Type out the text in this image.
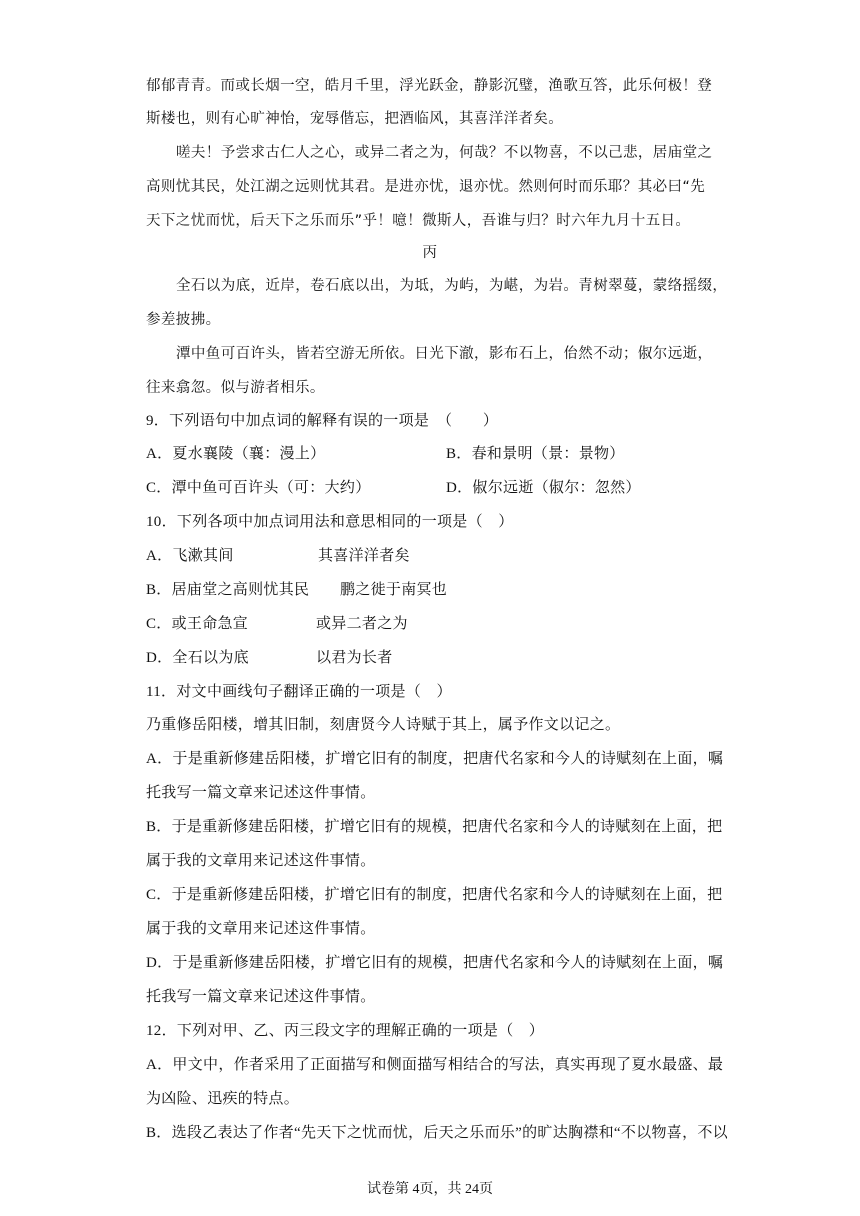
郁郁青青。而或长烟一空，皓月千里，浮光跃金，静影沉璧，渔歌互答，此乐何极！登
斯楼也，则有心旷神怡，宠辱偕忘，把酒临风，其喜洋洋者矣。
嗟夫！予尝求古仁人之心，或异二者之为，何哉？不以物喜，不以己悲，居庙堂之
高则忧其民，处江湖之远则忧其君。是进亦忧，退亦忧。然则何时而乐耶？其必曰“先
天下之忧而忧，后天下之乐而乐”乎！噫！微斯人，吾谁与归？时六年九月十五日。
丙
全石以为底，近岸，卷石底以出，为坻，为屿，为嵁，为岩。青树翠蔓，蒙络摇缀，
参差披拂。
潭中鱼可百许头，皆若空游无所依。日光下澈，影布石上，佁然不动；俶尔远逝，
往来翕忽。似与游者相乐。
9．下列语句中加点词的解释有误的一项是　（　　）
A．夏水襄陵（襄：漫上）	B．春和景明（景：景物）
C．潭中鱼可百许头（可：大约）	D．俶尔远逝（俶尔：忽然）
10．下列各项中加点词用法和意思相同的一项是（　）
A．飞漱其间	其喜洋洋者矣
B．居庙堂之高则忧其民 鹏之徙于南冥也
C．或王命急宣	或异二者之为
D．全石以为底	以君为长者
11．对文中画线句子翻译正确的一项是（　）
乃重修岳阳楼，增其旧制，刻唐贤今人诗赋于其上，属予作文以记之。
A．于是重新修建岳阳楼，扩增它旧有的制度，把唐代名家和今人的诗赋刻在上面，嘱
托我写一篇文章来记述这件事情。
B．于是重新修建岳阳楼，扩增它旧有的规模，把唐代名家和今人的诗赋刻在上面，把
属于我的文章用来记述这件事情。
C．于是重新修建岳阳楼，扩增它旧有的制度，把唐代名家和今人的诗赋刻在上面，把
属于我的文章用来记述这件事情。
D．于是重新修建岳阳楼，扩增它旧有的规模，把唐代名家和今人的诗赋刻在上面，嘱
托我写一篇文章来记述这件事情。
12．下列对甲、乙、丙三段文字的理解正确的一项是（　）
A．甲文中，作者采用了正面描写和侧面描写相结合的写法，真实再现了夏水最盛、最
为凶险、迅疾的特点。
B．选段乙表达了作者“先天下之忧而忧，后天之乐而乐”的旷达胸襟和“不以物喜，不以
试卷第 4页，共 24页
